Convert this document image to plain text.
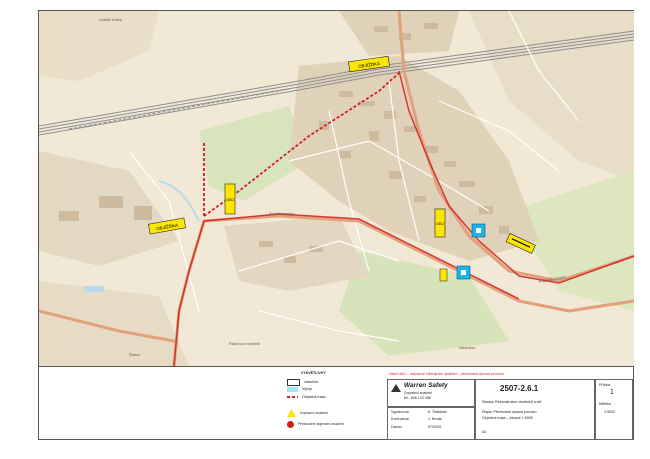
OBJÍŽĎKA
OBJÍŽĎKA
OBJ
OBJ
Letiště Kbely
Pod Nádražím
Pražská Kladno
Nádražní
Rašínovo nábřeží
Šárka
VYSVĚTLIVKY
Uzavírka
Výkop
Objízdná trasa
Dopravní značení
Přechodné dopravní značení
Návrh DIO – dopravně inženýrské opatření – přechodná úprava provozu
Warren Safety
Dopravní značení
tel.: 608 123 456
Vypracoval	K. Šafránek
Kontroloval	J. Novák
Datum	07/2025
2507-2.6.1
Stavba: Rekonstrukce chodníků a sítí
Etapa: Přechodná úprava provozu
Objízdná trasa – situace 1:5000
A3
Příloha
1
Měřítko
1:5000
